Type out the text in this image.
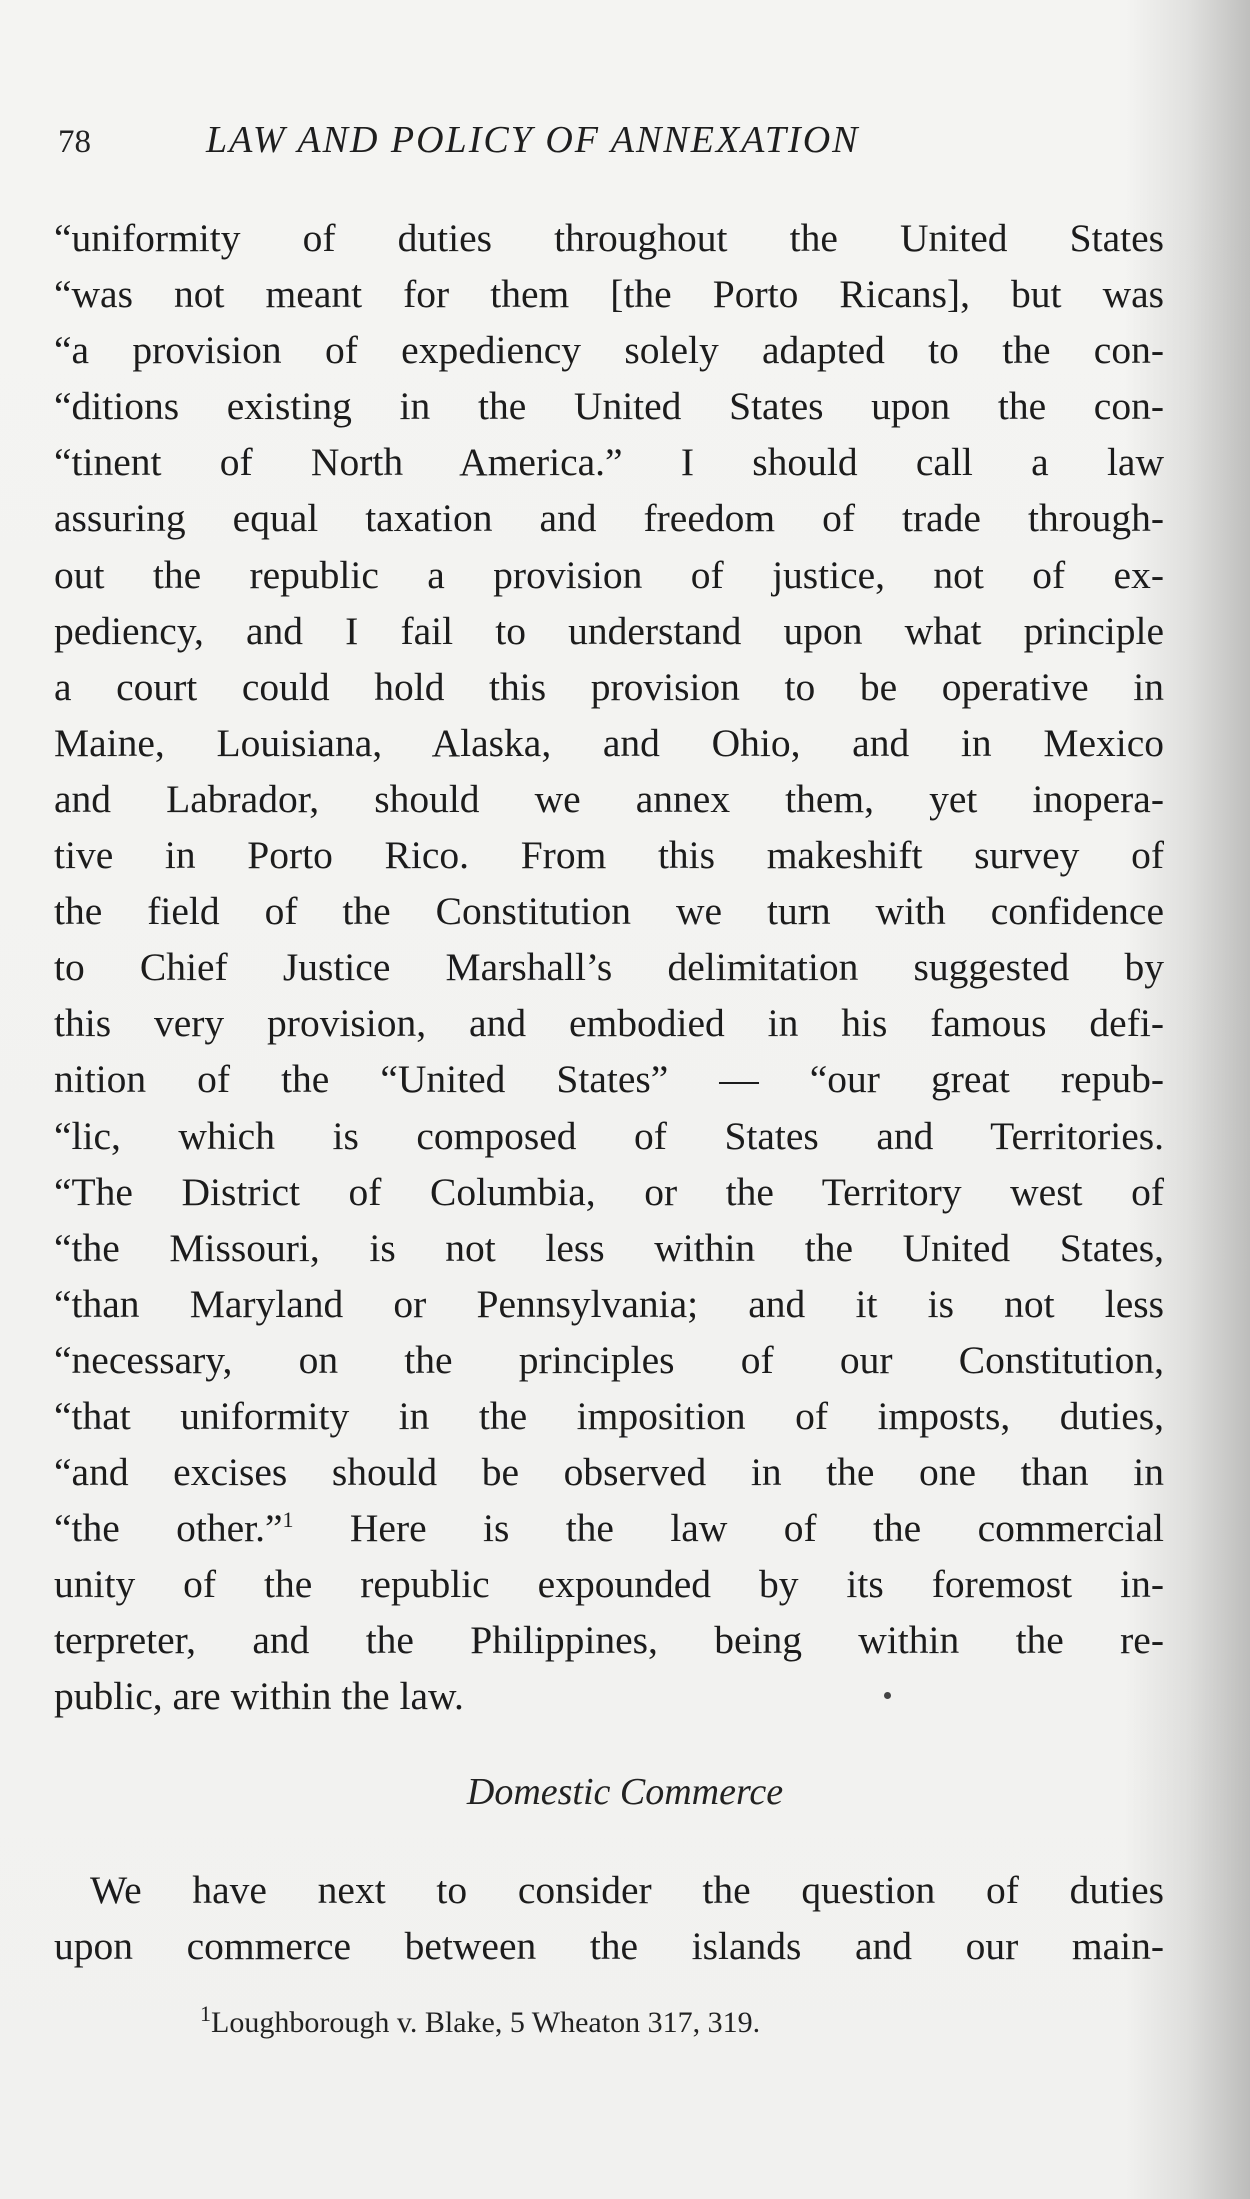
78	LAW AND POLICY OF ANNEXATION
“uniformity of duties throughout the United States
“was not meant for them [the Porto Ricans], but was
“a provision of expediency solely adapted to the con-
“ditions existing in the United States upon the con-
“tinent of North America.” I should call a law
assuring equal taxation and freedom of trade through-
out the republic a provision of justice, not of ex-
pediency, and I fail to understand upon what principle
a court could hold this provision to be operative in
Maine, Louisiana, Alaska, and Ohio, and in Mexico
and Labrador, should we annex them, yet inopera-
tive in Porto Rico. From this makeshift survey of
the field of the Constitution we turn with confidence
to Chief Justice Marshall’s delimitation suggested by
this very provision, and embodied in his famous defi-
nition of the “United States” — “our great repub-
“lic, which is composed of States and Territories.
“The District of Columbia, or the Territory west of
“the Missouri, is not less within the United States,
“than Maryland or Pennsylvania; and it is not less
“necessary, on the principles of our Constitution,
“that uniformity in the imposition of imposts, duties,
“and excises should be observed in the one than in
“the other.”$^1$ Here is the law of the commercial
unity of the republic expounded by its foremost in-
terpreter, and the Philippines, being within the re-
public, are within the law.
Domestic Commerce
We have next to consider the question of duties
upon commerce between the islands and our main-
$^1$Loughborough v. Blake, 5 Wheaton 317, 319.
